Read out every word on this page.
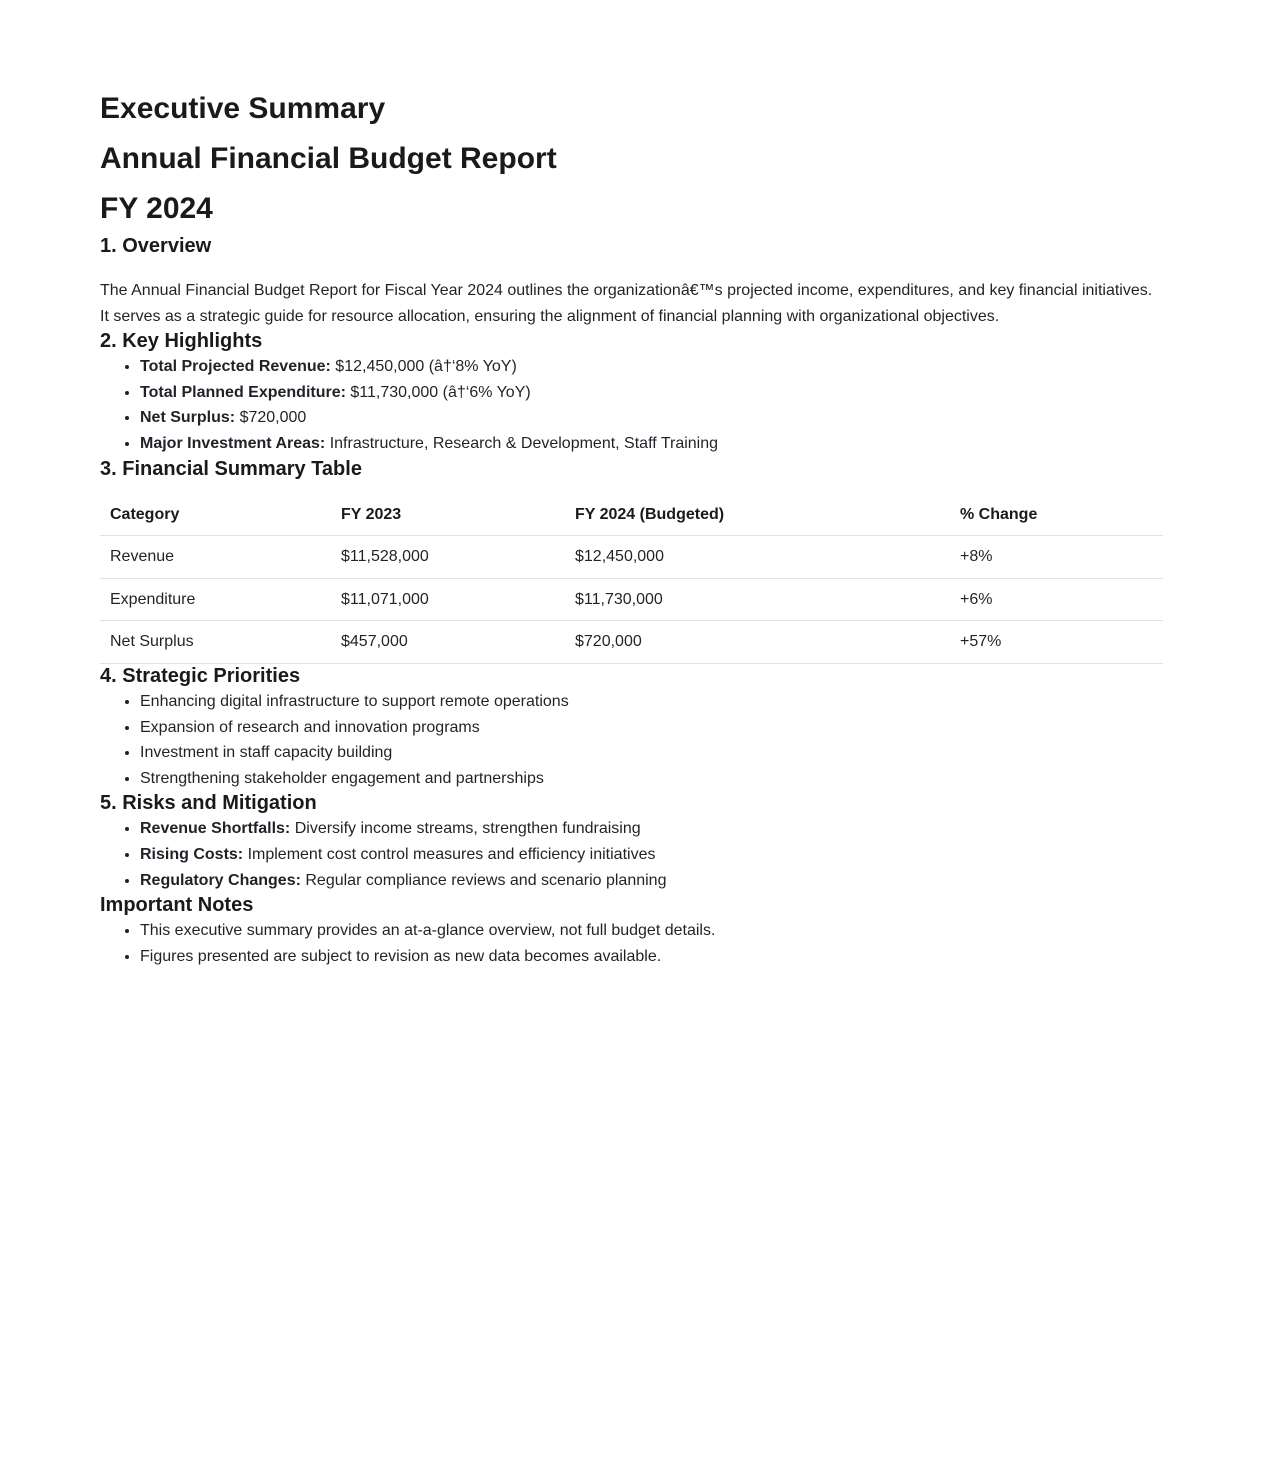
Executive Summary
Annual Financial Budget Report
FY 2024
1. Overview

The Annual Financial Budget Report for Fiscal Year 2024 outlines the organizationâ€™s projected income, expenditures, and key financial initiatives. It serves as a strategic guide for resource allocation, ensuring the alignment of financial planning with organizational objectives.

2. Key Highlights
• Total Projected Revenue: $12,450,000 (â†‘8% YoY)
• Total Planned Expenditure: $11,730,000 (â†‘6% YoY)
• Net Surplus: $720,000
• Major Investment Areas: Infrastructure, Research & Development, Staff Training
3. Financial Summary Table
Category	FY 2023	FY 2024 (Budgeted)	% Change
Revenue	$11,528,000	$12,450,000	+8%
Expenditure	$11,071,000	$11,730,000	+6%
Net Surplus	$457,000	$720,000	+57%
4. Strategic Priorities
• Enhancing digital infrastructure to support remote operations
• Expansion of research and innovation programs
• Investment in staff capacity building
• Strengthening stakeholder engagement and partnerships
5. Risks and Mitigation
• Revenue Shortfalls: Diversify income streams, strengthen fundraising
• Rising Costs: Implement cost control measures and efficiency initiatives
• Regulatory Changes: Regular compliance reviews and scenario planning
Important Notes
• This executive summary provides an at-a-glance overview, not full budget details.
• Figures presented are subject to revision as new data becomes available.
